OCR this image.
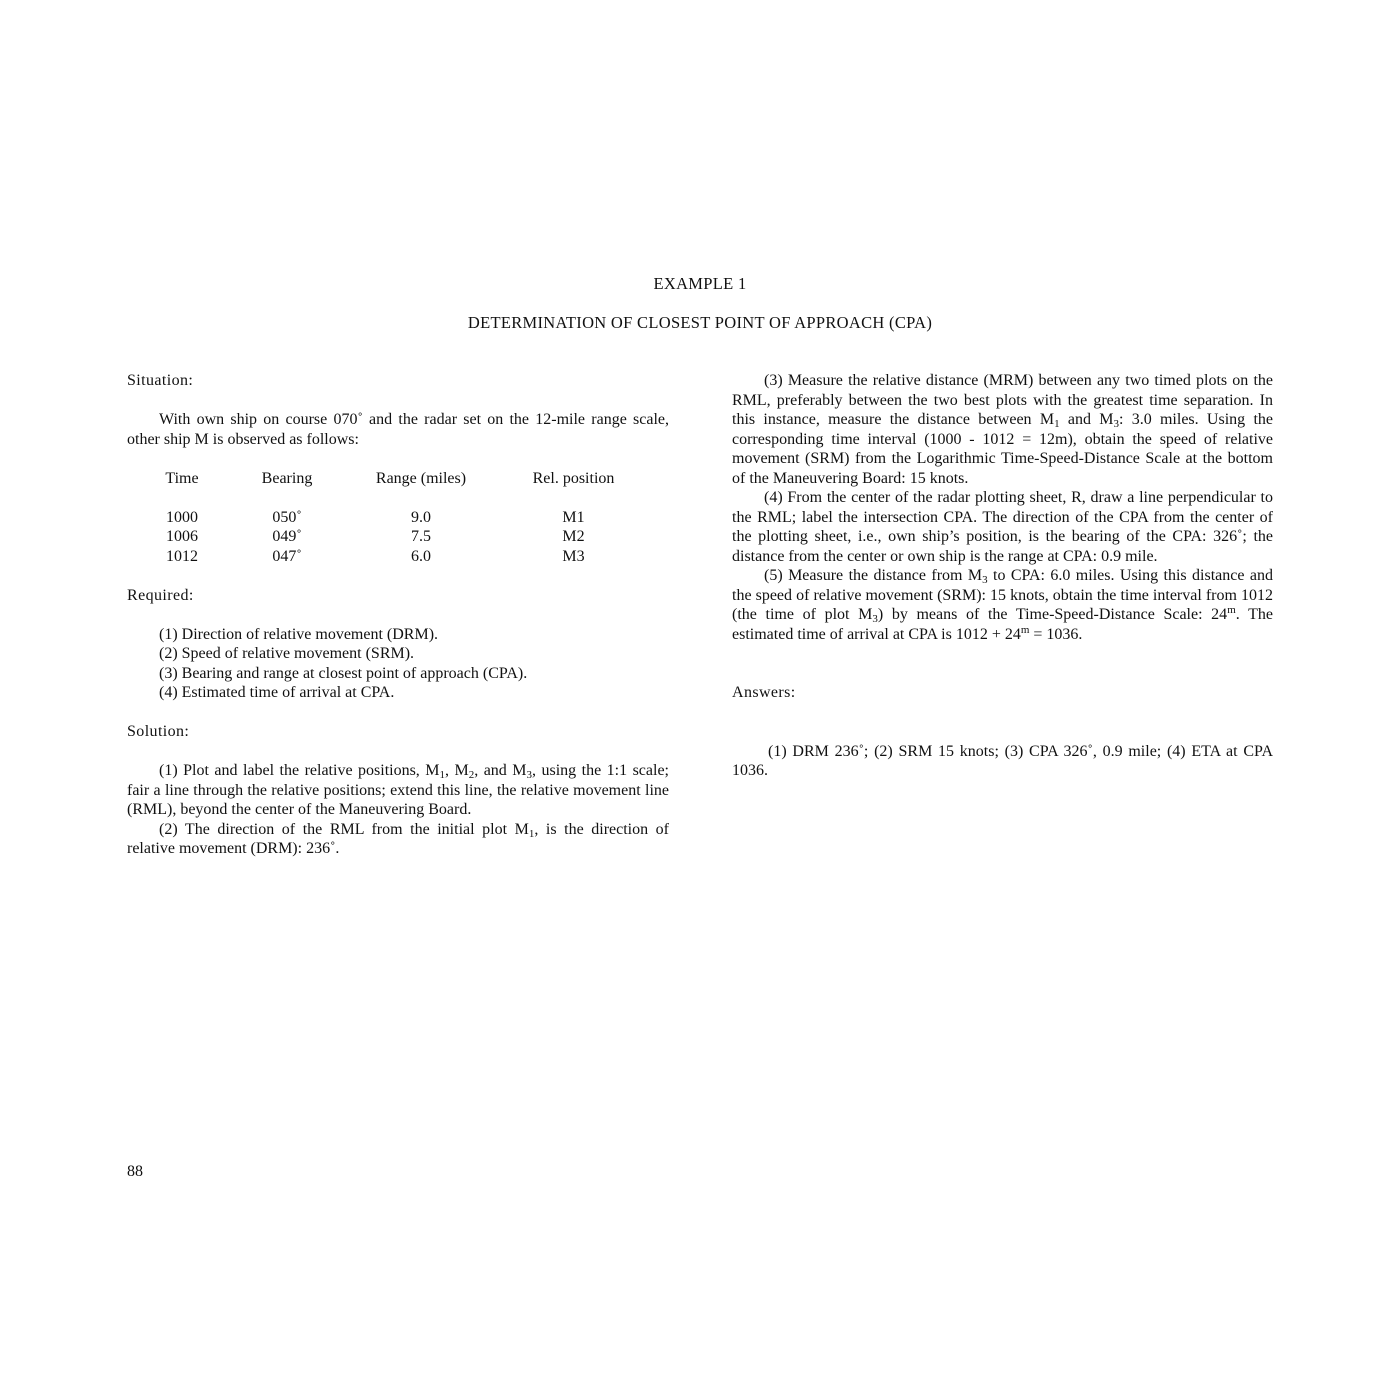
EXAMPLE 1
DETERMINATION OF CLOSEST POINT OF APPROACH (CPA)

Situation:

With own ship on course 070˚ and the radar set on the 12-mile range scale, other ship M is observed as follows:

Time	Bearing	Range (miles)	Rel. position

1000	050˚	9.0	M1
1006	049˚	7.5	M2
1012	047˚	6.0	M3

Required:

(1) Direction of relative movement (DRM).

(2) Speed of relative movement (SRM).

(3) Bearing and range at closest point of approach (CPA).

(4) Estimated time of arrival at CPA.

Solution:

(1) Plot and label the relative positions, $M_1$, $M_2$, and $M_3$, using the 1:1 scale; fair a line through the relative positions; extend this line, the relative movement line (RML), beyond the center of the Maneuvering Board.

(2) The direction of the RML from the initial plot $M_1$, is the direction of relative movement (DRM): 236˚.

(3) Measure the relative distance (MRM) between any two timed plots on the RML, preferably between the two best plots with the greatest time separation. In this instance, measure the distance between $M_1$ and $M_3$: 3.0 miles. Using the corresponding time interval (1000 - 1012 = 12m), obtain the speed of relative movement (SRM) from the Logarithmic Time-Speed-Distance Scale at the bottom of the Maneuvering Board: 15 knots.

(4) From the center of the radar plotting sheet, R, draw a line perpendicular to the RML; label the intersection CPA. The direction of the CPA from the center of the plotting sheet, i.e., own ship’s position, is the bearing of the CPA: 326˚; the distance from the center or own ship is the range at CPA: 0.9 mile.

(5) Measure the distance from $M_3$ to CPA: 6.0 miles. Using this distance and the speed of relative movement (SRM): 15 knots, obtain the time interval from 1012 (the time of plot $M_3$) by means of the Time-Speed-Distance Scale: 24$^m$. The estimated time of arrival at CPA is $1012 + 24^m = 1036$.

Answers:

(1) DRM 236˚; (2) SRM 15 knots; (3) CPA 326˚, 0.9 mile; (4) ETA at CPA 1036.

88
